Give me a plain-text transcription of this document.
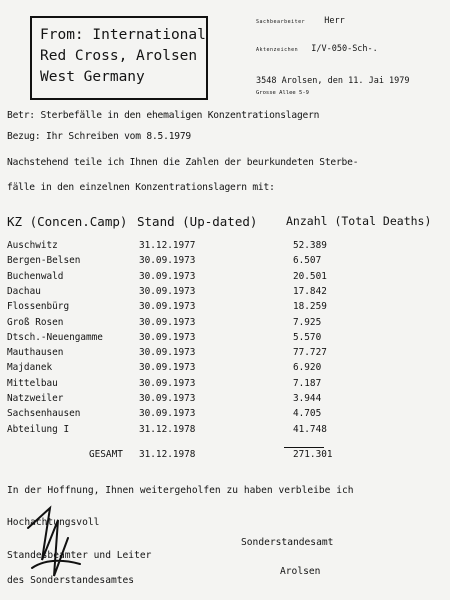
From: International
Red Cross, Arolsen
West Germany
Sachbearbeiter Herr
Aktenzeichen I/V-050-Sch-.
3548 Arolsen, den 11. Jai 1979
Grosse Allee 5-9
Betr: Sterbefälle in den ehemaligen Konzentrationslagern
Bezug: Ihr Schreiben vom 8.5.1979
Nachstehend teile ich Ihnen die Zahlen der beurkundeten Sterbe-
fälle in den einzelnen Konzentrationslagern mit:
KZ (Concen.Camp) Stand (Up-dated) Anzahl (Total Deaths)
Auschwitz	31.12.1977	52.389
Bergen-Belsen	30.09.1973	6.507
Buchenwald	30.09.1973	20.501
Dachau	30.09.1973	17.842
Flossenbürg	30.09.1973	18.259
Groß Rosen	30.09.1973	7.925
Dtsch.-Neuengamme	30.09.1973	5.570
Mauthausen	30.09.1973	77.727
Majdanek	30.09.1973	6.920
Mittelbau	30.09.1973	7.187
Natzweiler	30.09.1973	3.944
Sachsenhausen	30.09.1973	4.705
Abteilung I	31.12.1978	41.748
GESAMT 31.12.1978	271.301
In der Hoffnung, Ihnen weitergeholfen zu haben verbleibe ich
Hochachtungsvoll
Standesbeamter und Leiter
des Sonderstandesamtes
Sonderstandesamt
Arolsen
